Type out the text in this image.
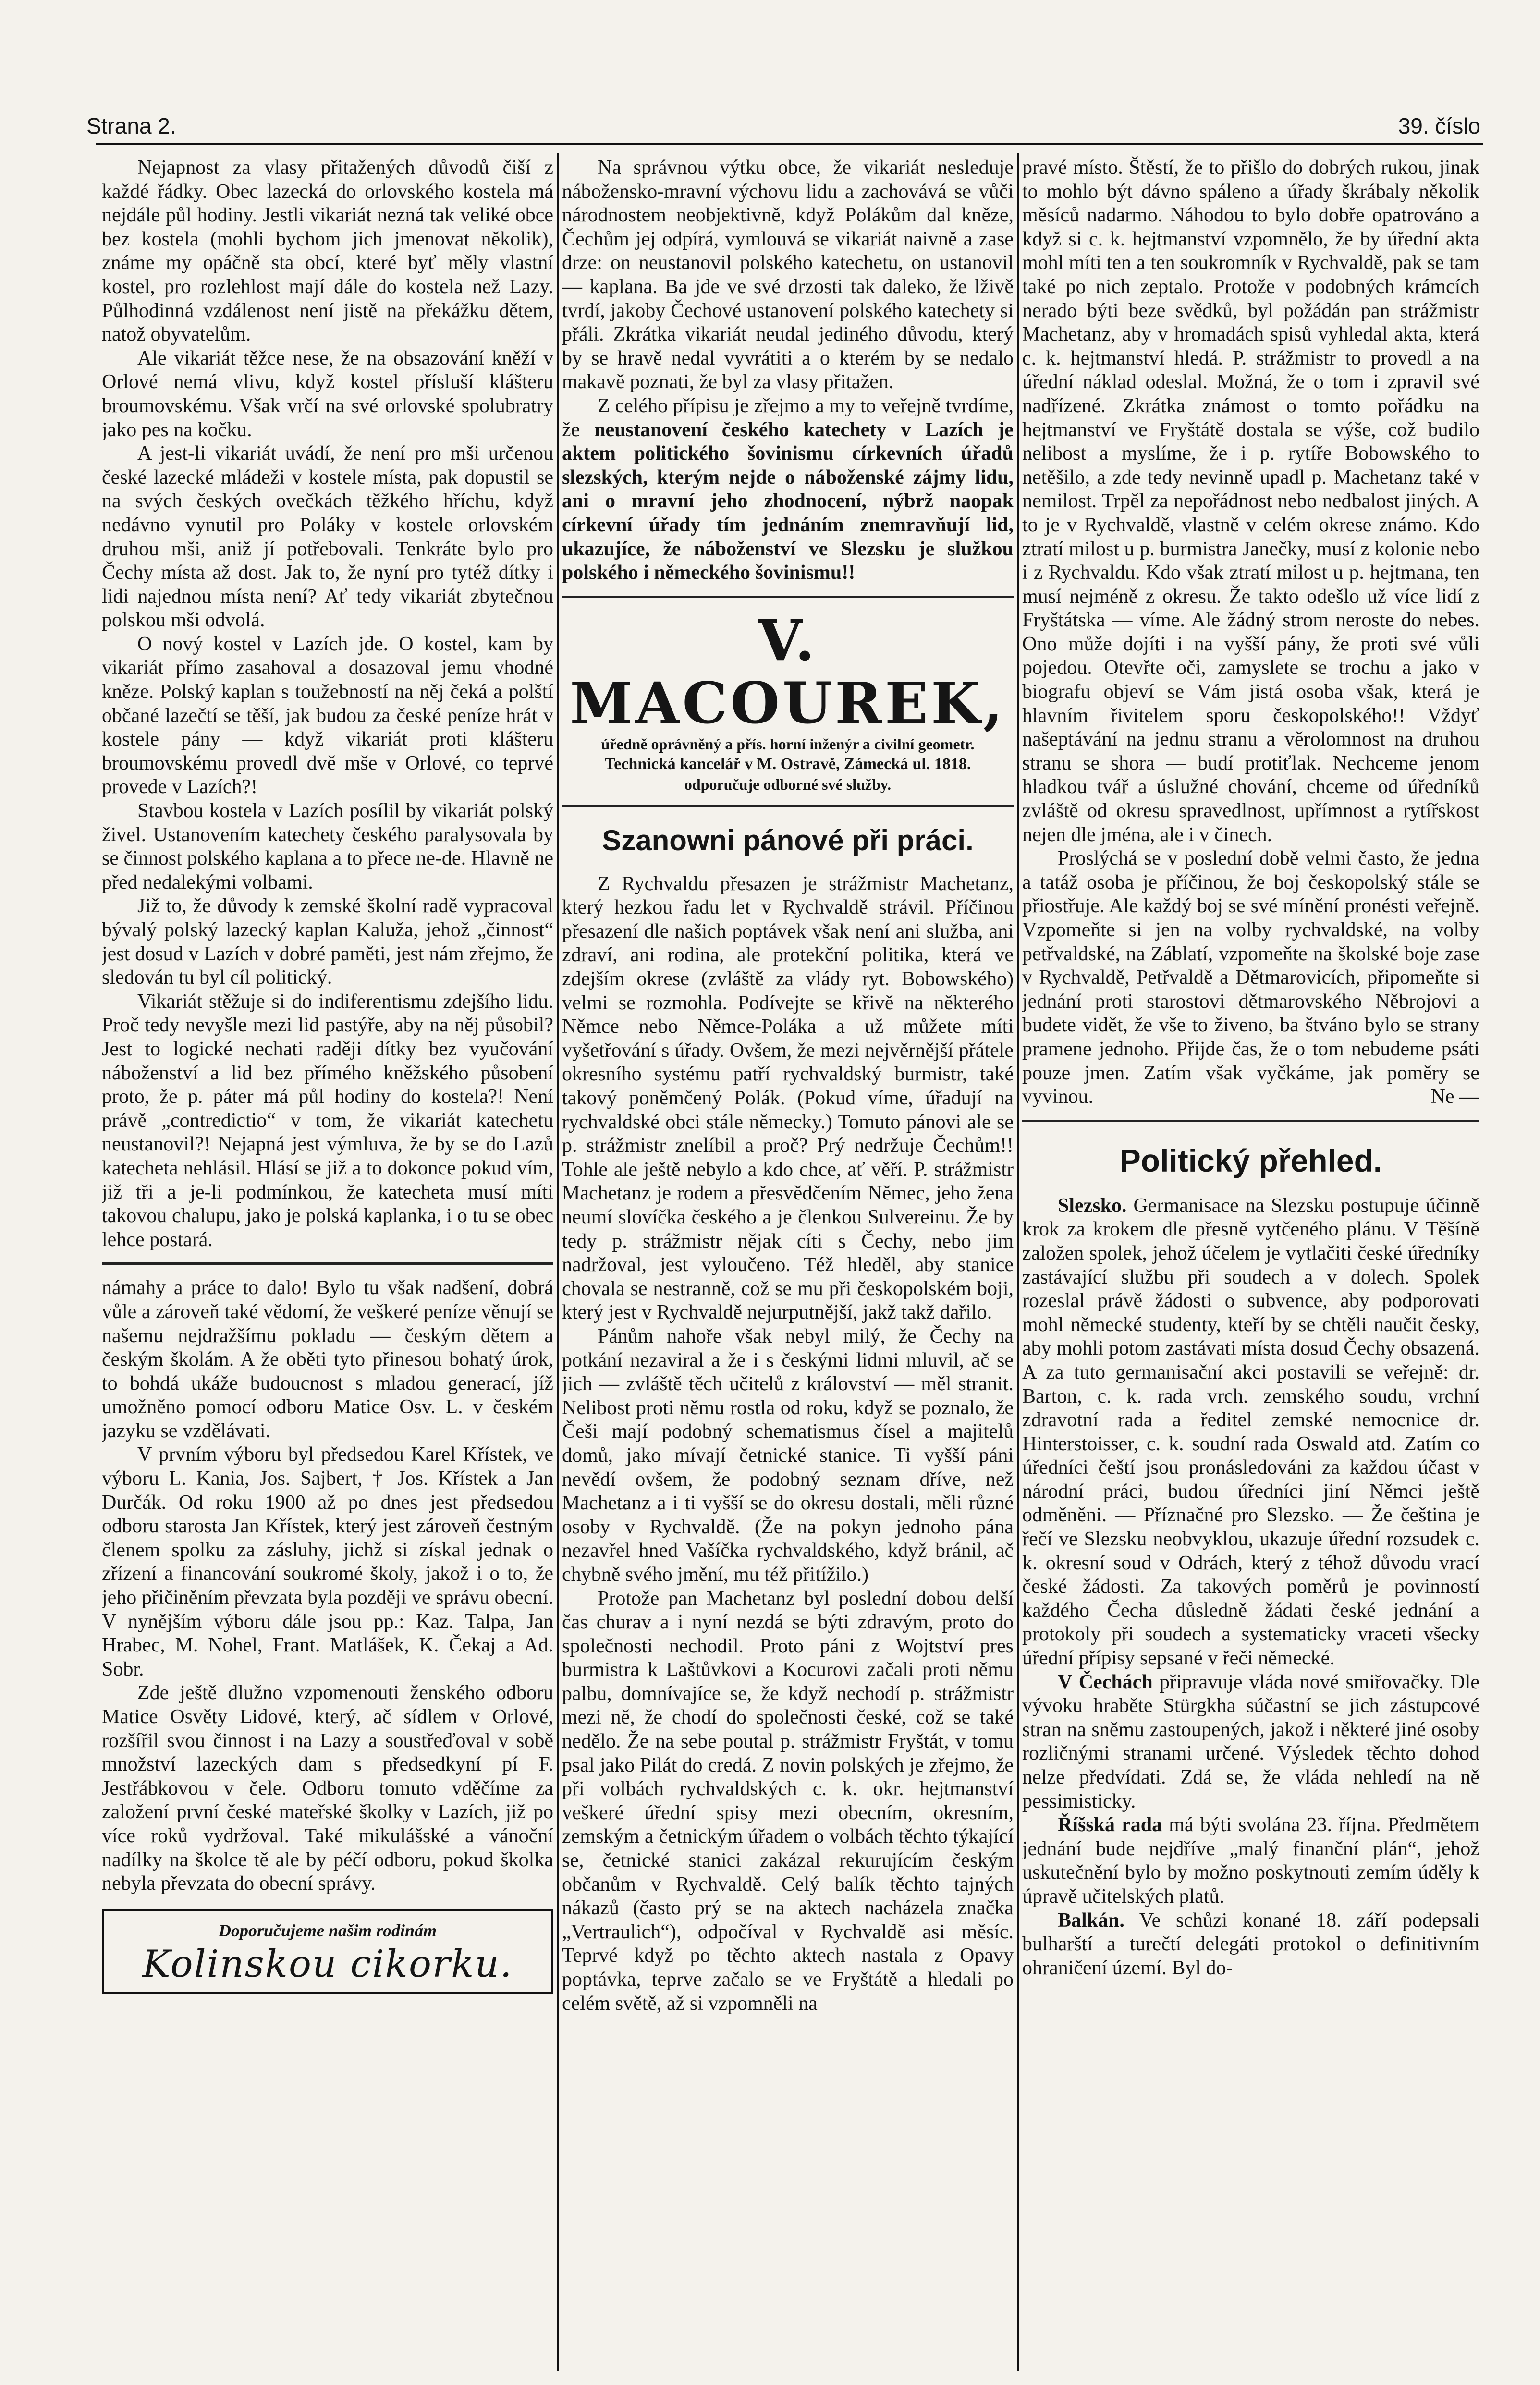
Strana 2.	39. číslo

Nejapnost za vlasy přitažených důvodů čiší z každé řádky. Obec lazecká do orlovského kostela má nejdále půl hodiny. Jestli vikariát nezná tak veliké obce bez kostela (mohli bychom jich jmenovat několik), známe my opáčně sta obcí, které byť měly vlastní kostel, pro rozlehlost mají dále do kostela než Lazy. Půlhodinná vzdálenost není jistě na překážku dětem, natož obyvatelům.

Ale vikariát těžce nese, že na obsazování kněží v Orlové nemá vlivu, když kostel přísluší klášteru broumovskému. Však vrčí na své orlovské spolubratry jako pes na kočku.

A jest-li vikariát uvádí, že není pro mši určenou české lazecké mládeži v kostele místa, pak dopustil se na svých českých ovečkách těžkého hříchu, když nedávno vynutil pro Poláky v kostele orlovském druhou mši, aniž jí potřebovali. Tenkráte bylo pro Čechy místa až dost. Jak to, že nyní pro tytéž dítky i lidi najednou místa není? Ať tedy vikariát zbytečnou polskou mši odvolá.

O nový kostel v Lazích jde. O kostel, kam by vikariát přímo zasahoval a dosazoval jemu vhodné kněze. Polský kaplan s toužebností na něj čeká a polští občané lazečtí se těší, jak budou za české peníze hrát v kostele pány — když vikariát proti klášteru broumovskému provedl dvě mše v Orlové, co teprvé provede v Lazích?!

Stavbou kostela v Lazích posílil by vikariát polský živel. Ustanovením katechety českého paralysovala by se činnost polského kaplana a to přece ne-de. Hlavně ne před nedalekými volbami.

Již to, že důvody k zemské školní radě vypracoval bývalý polský lazecký kaplan Kaluža, jehož „činnost“ jest dosud v Lazích v dobré paměti, jest nám zřejmo, že sledován tu byl cíl politický.

Vikariát stěžuje si do indiferentismu zdejšího lidu. Proč tedy nevyšle mezi lid pastýře, aby na něj působil? Jest to logické nechati raději dítky bez vyučování náboženství a lid bez přímého kněžského působení proto, že p. páter má půl hodiny do kostela?! Není právě „contredictio“ v tom, že vikariát katechetu neustanovil?! Nejapná jest výmluva, že by se do Lazů katecheta nehlásil. Hlásí se již a to dokonce pokud vím, již tři a je-li podmínkou, že katecheta musí míti takovou chalupu, jako je polská kaplanka, i o tu se obec lehce postará.

námahy a práce to dalo! Bylo tu však nadšení, dobrá vůle a zároveň také vědomí, že veškeré peníze věnují se našemu nejdražšímu pokladu — českým dětem a českým školám. A že oběti tyto přinesou bohatý úrok, to bohdá ukáže budoucnost s mladou generací, jíž umožněno pomocí odboru Matice Osv. L. v českém jazyku se vzdělávati.

V prvním výboru byl předsedou Karel Křístek, ve výboru L. Kania, Jos. Sajbert, † Jos. Křístek a Jan Durčák. Od roku 1900 až po dnes jest předsedou odboru starosta Jan Křístek, který jest zároveň čestným členem spolku za zásluhy, jichž si získal jednak o zřízení a financování soukromé školy, jakož i o to, že jeho přičiněním převzata byla později ve správu obecní. V nynějším výboru dále jsou pp.: Kaz. Talpa, Jan Hrabec, M. Nohel, Frant. Matlášek, K. Čekaj a Ad. Sobr.

Zde ještě dlužno vzpomenouti ženského odboru Matice Osvěty Lidové, který, ač sídlem v Orlové, rozšířil svou činnost i na Lazy a soustřeďoval v sobě množství lazeckých dam s předsedkyní pí F. Jestřábkovou v čele. Odboru tomuto vděčíme za založení první české mateřské školky v Lazích, již po více roků vydržoval. Také mikulášské a vánoční nadílky na školce tě ale by péčí odboru, pokud školka nebyla převzata do obecní správy.

Doporučujeme našim rodinám
Kolinskou cikorku.

Na správnou výtku obce, že vikariát nesleduje nábožensko-mravní výchovu lidu a zachovává se vůči národnostem neobjektivně, když Polákům dal kněze, Čechům jej odpírá, vymlouvá se vikariát naivně a zase drze: on neustanovil polského katechetu, on ustanovil — kaplana. Ba jde ve své drzosti tak daleko, že lživě tvrdí, jakoby Čechové ustanovení polského katechety si přáli. Zkrátka vikariát neudal jediného důvodu, který by se hravě nedal vyvrátiti a o kterém by se nedalo makavě poznati, že byl za vlasy přitažen.

Z celého přípisu je zřejmo a my to veřejně tvrdíme, že neustanovení českého katechety v Lazích je aktem politického šovinismu církevních úřadů slezských, kterým nejde o náboženské zájmy lidu, ani o mravní jeho zhodnocení, nýbrž naopak církevní úřady tím jednáním znemravňují lid, ukazujíce, že náboženství ve Slezsku je služkou polského i německého šovinismu!!

V. MACOUREK,
úředně oprávněný a přís. horní inženýr a civilní geometr.
Technická kancelář v M. Ostravě, Zámecká ul. 1818.
odporučuje odborné své služby.
Szanowni pánové při práci.

Z Rychvaldu přesazen je strážmistr Machetanz, který hezkou řadu let v Rychvaldě strávil. Příčinou přesazení dle našich poptávek však není ani služba, ani zdraví, ani rodina, ale protekční politika, která ve zdejším okrese (zvláště za vlády ryt. Bobowského) velmi se rozmohla. Podívejte se křivě na některého Němce nebo Němce-Poláka a už můžete míti vyšetřování s úřady. Ovšem, že mezi nejvěrnější přátele okresního systému patří rychvaldský burmistr, také takový poněmčený Polák. (Pokud víme, úřadují na rychvaldské obci stále německy.) Tomuto pánovi ale se p. strážmistr znelíbil a proč? Prý nedržuje Čechům!! Tohle ale ještě nebylo a kdo chce, ať věří. P. strážmistr Machetanz je rodem a přesvědčením Němec, jeho žena neumí slovíčka českého a je členkou Sulvereinu. Že by tedy p. strážmistr nějak cíti s Čechy, nebo jim nadržoval, jest vyloučeno. Též hleděl, aby stanice chovala se nestranně, což se mu při českopolském boji, který jest v Rychvaldě nejurputnější, jakž takž dařilo.

Pánům nahoře však nebyl milý, že Čechy na potkání nezaviral a že i s českými lidmi mluvil, ač se jich — zvláště těch učitelů z království — měl stranit. Nelibost proti němu rostla od roku, když se poznalo, že Češi mají podobný schematismus čísel a majitelů domů, jako mívají četnické stanice. Ti vyšší páni nevědí ovšem, že podobný seznam dříve, než Machetanz a i ti vyšší se do okresu dostali, měli různé osoby v Rychvaldě. (Že na pokyn jednoho pána nezavřel hned Vašíčka rychvaldského, když bránil, ač chybně svého jmění, mu též přitížilo.)

Protože pan Machetanz byl poslední dobou delší čas churav a i nyní nezdá se býti zdravým, proto do společnosti nechodil. Proto páni z Wojtství pres burmistra k Laštůvkovi a Kocurovi začali proti němu palbu, domnívajíce se, že když nechodí p. strážmistr mezi ně, že chodí do společnosti české, což se také nedělo. Že na sebe poutal p. strážmistr Fryštát, v tomu psal jako Pilát do credá. Z novin polských je zřejmo, že při volbách rychvaldských c. k. okr. hejtmanství veškeré úřední spisy mezi obecním, okresním, zemským a četnickým úřadem o volbách těchto týkající se, četnické stanici zakázal rekurujícím českým občanům v Rychvaldě. Celý balík těchto tajných nákazů (často prý se na aktech nacházela značka „Vertraulich“), odpočíval v Rychvaldě asi měsíc. Teprvé když po těchto aktech nastala z Opavy poptávka, teprve začalo se ve Fryštátě a hledali po celém světě, až si vzpomněli na

pravé místo. Štěstí, že to přišlo do dobrých rukou, jinak to mohlo být dávno spáleno a úřady škrábaly několik měsíců nadarmo. Náhodou to bylo dobře opatrováno a když si c. k. hejtmanství vzpomnělo, že by úřední akta mohl míti ten a ten soukromník v Rychvaldě, pak se tam také po nich zeptalo. Protože v podobných krámcích nerado býti beze svědků, byl požádán pan strážmistr Machetanz, aby v hromadách spisů vyhledal akta, která c. k. hejtmanství hledá. P. strážmistr to provedl a na úřední náklad odeslal. Možná, že o tom i zpravil své nadřízené. Zkrátka známost o tomto pořádku na hejtmanství ve Fryštátě dostala se výše, což budilo nelibost a myslíme, že i p. rytíře Bobowského to netěšilo, a zde tedy nevinně upadl p. Machetanz také v nemilost. Trpěl za nepořádnost nebo nedbalost jiných. A to je v Rychvaldě, vlastně v celém okrese známo. Kdo ztratí milost u p. burmistra Janečky, musí z kolonie nebo i z Rychvaldu. Kdo však ztratí milost u p. hejtmana, ten musí nejméně z okresu. Že takto odešlo už více lidí z Fryštátska — víme. Ale žádný strom neroste do nebes. Ono může dojíti i na vyšší pány, že proti své vůli pojedou. Otevřte oči, zamyslete se trochu a jako v biografu objeví se Vám jistá osoba však, která je hlavním řivitelem sporu českopolského!! Vždyť našeptávání na jednu stranu a věrolomnost na druhou stranu se shora — budí protiťlak. Nechceme jenom hladkou tvář a úslužné chování, chceme od úředníků zvláště od okresu spravedlnost, upřímnost a rytířskost nejen dle jména, ale i v činech.

Proslýchá se v poslední době velmi často, že jedna a tatáž osoba je příčinou, že boj českopolský stále se přiostřuje. Ale každý boj se své mínění pronésti veřejně. Vzpomeňte si jen na volby rychvaldské, na volby petřvaldské, na Záblatí, vzpomeňte na školské boje zase v Rychvaldě, Petřvaldě a Dětmarovicích, připomeňte si jednání proti starostovi dětmarovského Něbrojovi a budete vidět, že vše to živeno, ba štváno bylo se strany pramene jednoho. Přijde čas, že o tom nebudeme psáti pouze jmen. Zatím však vyčkáme, jak poměry se vyvinou.	Ne —

Politický přehled.

Slezsko. Germanisace na Slezsku postupuje účinně krok za krokem dle přesně vytčeného plánu. V Těšíně založen spolek, jehož účelem je vytlačiti české úředníky zastávající službu při soudech a v dolech. Spolek rozeslal právě žádosti o subvence, aby podporovati mohl německé studenty, kteří by se chtěli naučit česky, aby mohli potom zastávati místa dosud Čechy obsazená. A za tuto germanisační akci postavili se veřejně: dr. Barton, c. k. rada vrch. zemského soudu, vrchní zdravotní rada a ředitel zemské nemocnice dr. Hinterstoisser, c. k. soudní rada Oswald atd. Zatím co úředníci čeští jsou pronásledováni za každou účast v národní práci, budou úředníci jiní Němci ještě odměněni. — Příznačné pro Slezsko. — Že čeština je řečí ve Slezsku neobvyklou, ukazuje úřední rozsudek c. k. okresní soud v Odrách, který z téhož důvodu vrací české žádosti. Za takových poměrů je povinností každého Čecha důsledně žádati české jednání a protokoly při soudech a systematicky vraceti všecky úřední přípisy sepsané v řeči německé.

V Čechách připravuje vláda nové smiřovačky. Dle vývoku hraběte Stürgkha súčastní se jich zástupcové stran na sněmu zastoupených, jakož i některé jiné osoby rozličnými stranami určené. Výsledek těchto dohod nelze předvídati. Zdá se, že vláda nehledí na ně pessimisticky.

Říšská rada má býti svolána 23. října. Předmětem jednání bude nejdříve „malý finanční plán“, jehož uskutečnění bylo by možno poskytnouti zemím úděly k úpravě učitelských platů.

Balkán. Ve schůzi konané 18. září podepsali bulharští a turečtí delegáti protokol o definitivním ohraničení území. Byl do-
